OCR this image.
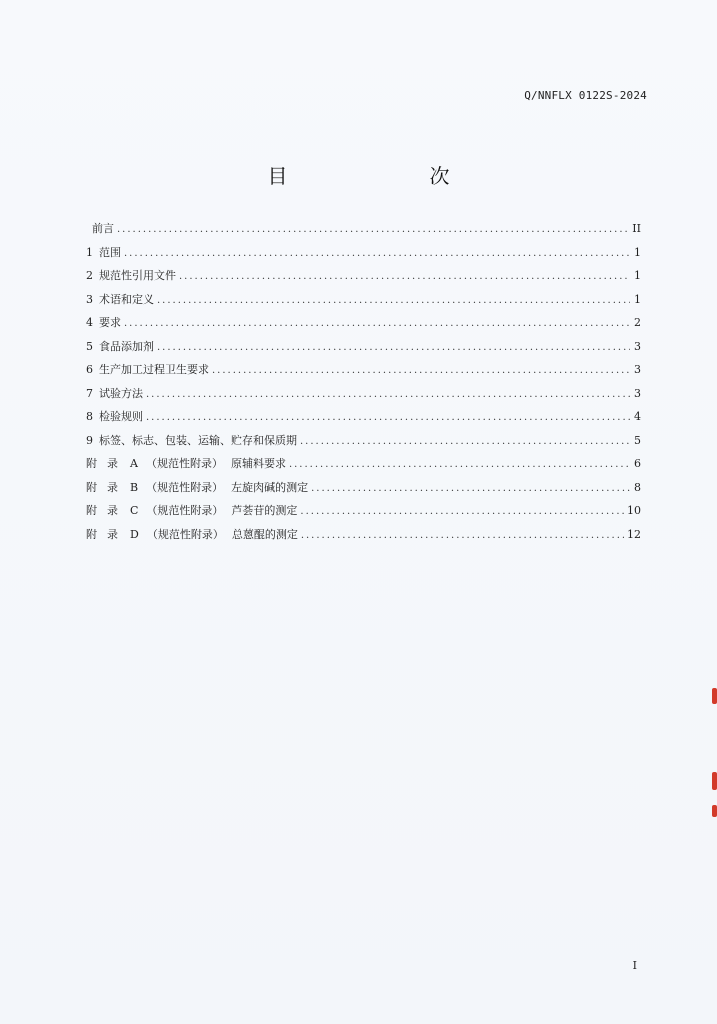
Q/NNFLX 0122S-2024
目　　次
前言 .....	II
1 范围 .....	1
2 规范性引用文件 .....	1
3 术语和定义 .....	1
4 要求 .....	2
5 食品添加剂 .....	3
6 生产加工过程卫生要求 .....	3
7 试验方法 .....	3
8 检验规则 .....	4
9 标签、标志、包装、运输、贮存和保质期 .....	5
附录 A （规范性附录） 原辅料要求 .....	6
附录 B （规范性附录） 左旋肉碱的测定 .....	8
附录 C （规范性附录） 芦荟苷的测定 .....	10
附录 D （规范性附录） 总蒽醌的测定 .....	12
I
